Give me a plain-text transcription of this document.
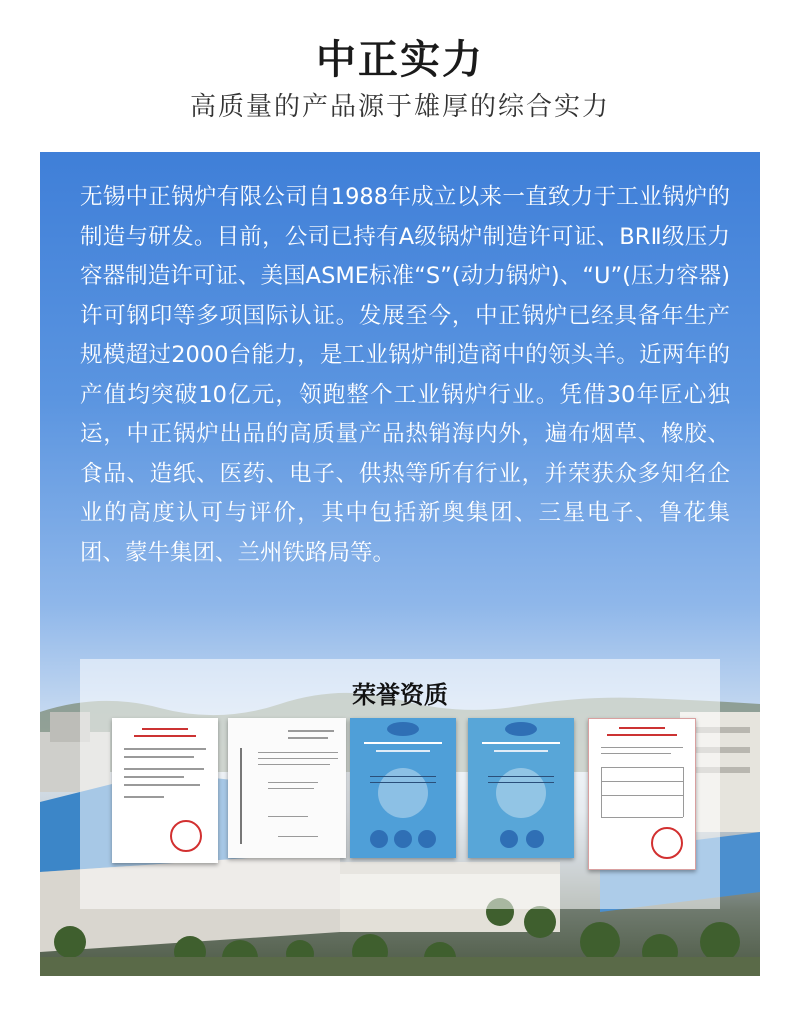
中正实力
高质量的产品源于雄厚的综合实力

无锡中正锅炉有限公司自1988年成立以来一直致力于工业锅炉的制造与研发。目前，公司已持有A级锅炉制造许可证、BRⅡ级压力容器制造许可证、美国ASME标准“S”(动力锅炉)、“U”(压力容器)许可钢印等多项国际认证。发展至今，中正锅炉已经具备年生产规模超过2000台能力，是工业锅炉制造商中的领头羊。近两年的产值均突破10亿元，领跑整个工业锅炉行业。凭借30年匠心独运，中正锅炉出品的高质量产品热销海内外，遍布烟草、橡胶、食品、造纸、医药、电子、供热等所有行业，并荣获众多知名企业的高度认可与评价，其中包括新奥集团、三星电子、鲁花集团、蒙牛集团、兰州铁路局等。

荣誉资质
